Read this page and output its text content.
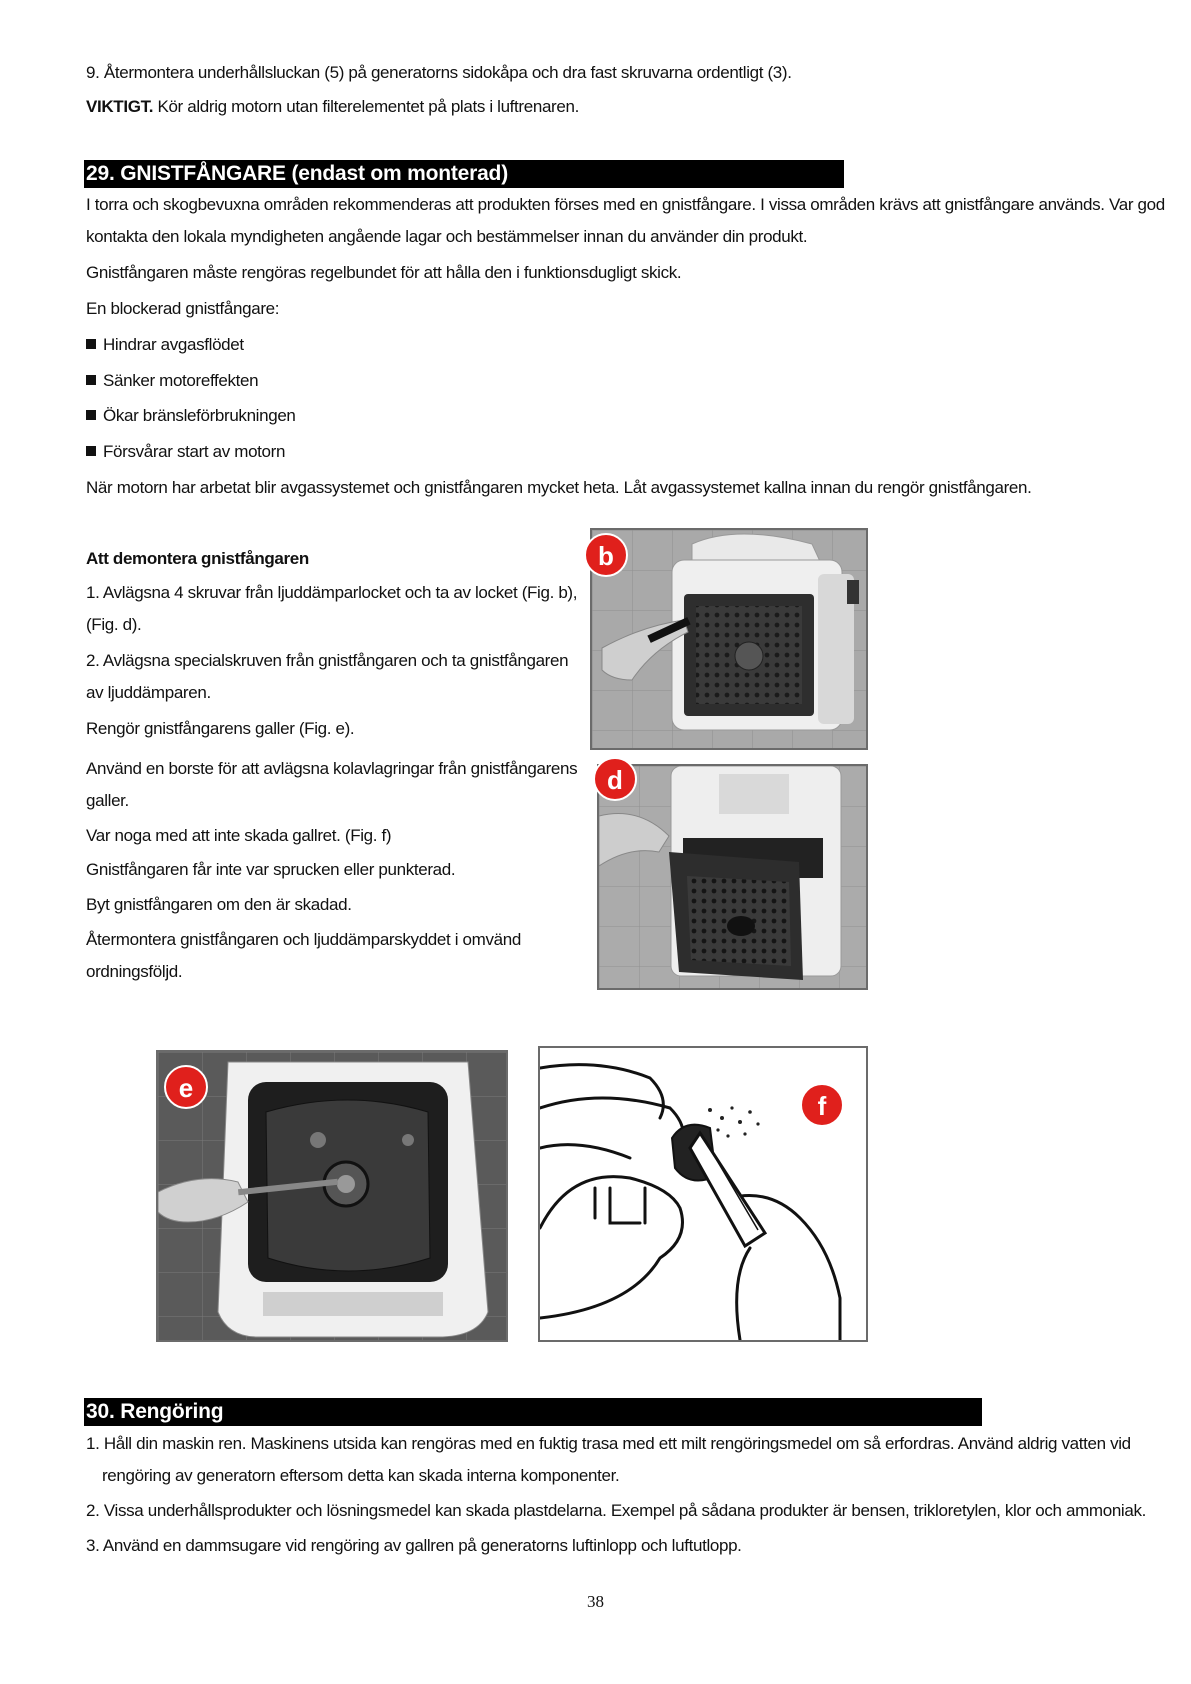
9. Återmontera underhållsluckan (5) på generatorns sidokåpa och dra fast skruvarna ordentligt (3).
VIKTIGT. Kör aldrig motorn utan filterelementet på plats i luftrenaren.
29. GNISTFÅNGARE (endast om monterad)
I torra och skogbevuxna områden rekommenderas att produkten förses med en gnistfångare. I vissa områden krävs att gnistfångare används. Var god
kontakta den lokala myndigheten angående lagar och bestämmelser innan du använder din produkt.
Gnistfångaren måste rengöras regelbundet för att hålla den i funktionsdugligt skick.
En blockerad gnistfångare:
Hindrar avgasflödet
Sänker motoreffekten
Ökar bränsleförbrukningen
Försvårar start av motorn
När motorn har arbetat blir avgassystemet och gnistfångaren mycket heta. Låt avgassystemet kallna innan du rengör gnistfångaren.
Att demontera gnistfångaren
1. Avlägsna 4 skruvar från ljuddämparlocket och ta av locket (Fig. b),
(Fig. d).
2. Avlägsna specialskruven från gnistfångaren och ta gnistfångaren
av ljuddämparen.
Rengör gnistfångarens galler (Fig. e).
Använd en borste för att avlägsna kolavlagringar från gnistfångarens
galler.
Var noga med att inte skada gallret. (Fig. f)
Gnistfångaren får inte var sprucken eller punkterad.
Byt gnistfångaren om den är skadad.
Återmontera gnistfångaren och ljuddämparskyddet i omvänd
ordningsföljd.
b
d
e
f
30. Rengöring
1. Håll din maskin ren. Maskinens utsida kan rengöras med en fuktig trasa med ett milt rengöringsmedel om så erfordras. Använd aldrig vatten vid
rengöring av generatorn eftersom detta kan skada interna komponenter.
2. Vissa underhållsprodukter och lösningsmedel kan skada plastdelarna. Exempel på sådana produkter är bensen, trikloretylen, klor och ammoniak.
3. Använd en dammsugare vid rengöring av gallren på generatorns luftinlopp och luftutlopp.
38
